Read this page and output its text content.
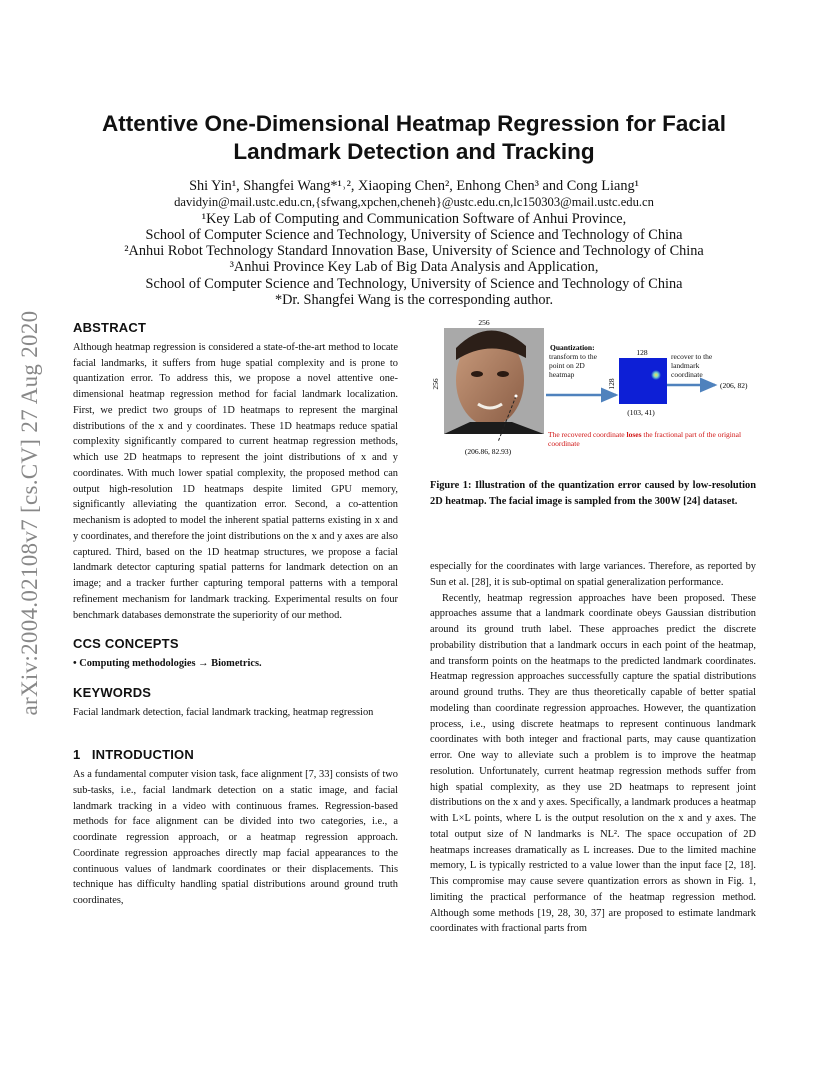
arXiv:2004.02108v7 [cs.CV] 27 Aug 2020
Attentive One-Dimensional Heatmap Regression for Facial Landmark Detection and Tracking
Shi Yin¹, Shangfei Wang*¹˒², Xiaoping Chen², Enhong Chen³ and Cong Liang¹
davidyin@mail.ustc.edu.cn,{sfwang,xpchen,cheneh}@ustc.edu.cn,lc150303@mail.ustc.edu.cn
¹Key Lab of Computing and Communication Software of Anhui Province,
School of Computer Science and Technology, University of Science and Technology of China
²Anhui Robot Technology Standard Innovation Base, University of Science and Technology of China
³Anhui Province Key Lab of Big Data Analysis and Application,
School of Computer Science and Technology, University of Science and Technology of China
*Dr. Shangfei Wang is the corresponding author.
ABSTRACT

Although heatmap regression is considered a state-of-the-art method to locate facial landmarks, it suffers from huge spatial complexity and is prone to quantization error. To address this, we propose a novel attentive one-dimensional heatmap regression method for facial landmark localization. First, we predict two groups of 1D heatmaps to represent the marginal distributions of the x and y coordinates. These 1D heatmaps reduce spatial complexity significantly compared to current heatmap regression methods, which use 2D heatmaps to represent the joint distributions of x and y coordinates. With much lower spatial complexity, the proposed method can output high-resolution 1D heatmaps despite limited GPU memory, significantly alleviating the quantization error. Second, a co-attention mechanism is adopted to model the inherent spatial patterns existing in x and y coordinates, and therefore the joint distributions on the x and y axes are also captured. Third, based on the 1D heatmap structures, we propose a facial landmark detector capturing spatial patterns for landmark detection on an image; and a tracker further capturing temporal patterns with a temporal refinement mechanism for landmark tracking. Experimental results on four benchmark databases demonstrate the superiority of our method.

CCS CONCEPTS

• Computing methodologies → Biometrics.

KEYWORDS

Facial landmark detection, facial landmark tracking, heatmap regression

1   INTRODUCTION

As a fundamental computer vision task, face alignment [7, 33] consists of two sub-tasks, i.e., facial landmark detection on a static image, and facial landmark tracking in a video with continuous frames. Regression-based methods for face alignment can be divided into two categories, i.e., a coordinate regression approach, or a heatmap regression approach. Coordinate regression approaches directly map facial appearances to the continuous values of landmark coordinates or their displacements. This technique has difficulty handling spatial distributions around ground truth coordinates,

256
256
(206.86, 82.93)
Quantization:
transform to the point on 2D heatmap
128
128
(103, 41)
recover to the landmark coordinate
(206, 82)
The recovered coordinate loses the fractional part of the original coordinate
Figure 1: Illustration of the quantization error caused by low-resolution 2D heatmap. The facial image is sampled from the 300W [24] dataset.

especially for the coordinates with large variances. Therefore, as reported by Sun et al. [28], it is sub-optimal on spatial generalization performance.

Recently, heatmap regression approaches have been proposed. These approaches assume that a landmark coordinate obeys Gaussian distribution around its ground truth label. These approaches predict the discrete probability distribution that a landmark occurs in each point of the heatmap, and transform points on the heatmaps to the predicted landmark coordinates. Heatmap regression approaches successfully capture the spatial distributions around ground truths. They are thus theoretically capable of better spatial modeling than coordinate regression approaches. However, the quantization process, i.e., using discrete heatmaps to represent continuous landmark coordinates with both integer and fractional parts, may cause quantization error. One way to alleviate such a problem is to improve the heatmap resolution. Unfortunately, current heatmap regression methods suffer from high spatial complexity, as they use 2D heatmaps to represent joint distributions on the x and y axes. Specifically, a landmark produces a heatmap with L×L points, where L is the output resolution on the x and y axes. The total output size of N landmarks is NL². The space occupation of 2D heatmaps increases dramatically as L increases. Due to the limited machine memory, L is typically restricted to a value lower than the input face [2, 18]. This compromise may cause severe quantization errors as shown in Fig. 1, limiting the practical performance of the heatmap regression method. Although some methods [19, 28, 30, 37] are proposed to estimate landmark coordinates with fractional parts from
